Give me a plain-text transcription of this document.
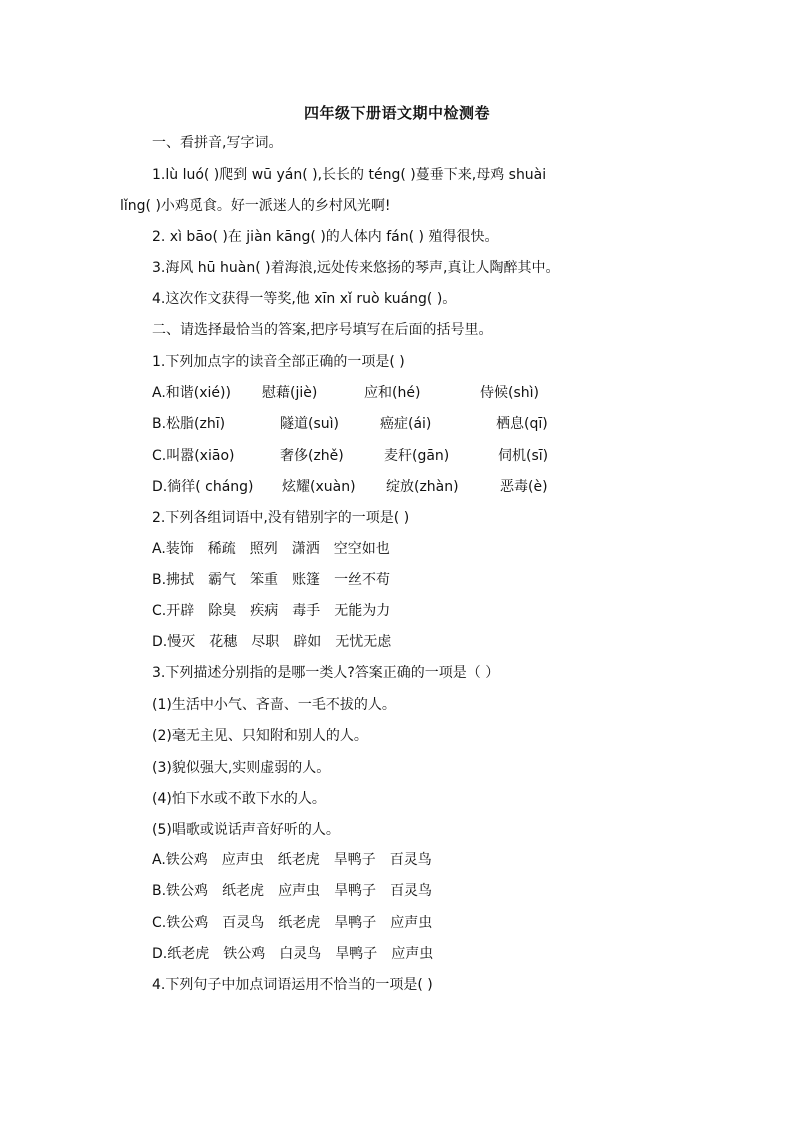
四年级下册语文期中检测卷
一、看拼音,写字词。
1.lù luó( )爬到 wū yán( ),长长的 téng( )蔓垂下来,母鸡 shuài
lǐng( )小鸡觅食。好一派迷人的乡村风光啊!
2. xì bāo( )在 jiàn kāng( )的人体内 fán( ) 殖得很快。
3.海风 hū huàn( )着海浪,远处传来悠扬的琴声,真让人陶醉其中。
4.这次作文获得一等奖,他 xīn xǐ ruò kuáng( )。
二、请选择最恰当的答案,把序号填写在后面的括号里。
1.下列加点字的读音全部正确的一项是( )
A.和谐(xié)) 慰藉(jiè)	应和(hé)	侍候(shì)
B.松脂(zhī)	隧道(suì)	癌症(ái)	栖息(qī)
C.叫嚣(xiāo)	奢侈(zhě)	麦秆(gān)	伺机(sī)
D.徜徉( cháng) 炫耀(xuàn) 绽放(zhàn)	恶毒(è)
2.下列各组词语中,没有错别字的一项是( )
A.装饰 稀疏 照列 潇洒 空空如也
B.拂拭 霸气 笨重 账篷 一丝不苟
C.开辟 除臭 疾病 毒手 无能为力
D.慢灭 花穗 尽职 辟如 无忧无虑
3.下列描述分别指的是哪一类人?答案正确的一项是（ ）
(1)生活中小气、吝啬、一毛不拔的人。
(2)毫无主见、只知附和别人的人。
(3)貌似强大,实则虚弱的人。
(4)怕下水或不敢下水的人。
(5)唱歌或说话声音好听的人。
A.铁公鸡 应声虫 纸老虎 旱鸭子 百灵鸟
B.铁公鸡 纸老虎 应声虫 旱鸭子 百灵鸟
C.铁公鸡 百灵鸟 纸老虎 旱鸭子 应声虫
D.纸老虎 铁公鸡 白灵鸟 旱鸭子 应声虫
4.下列句子中加点词语运用不恰当的一项是( )
